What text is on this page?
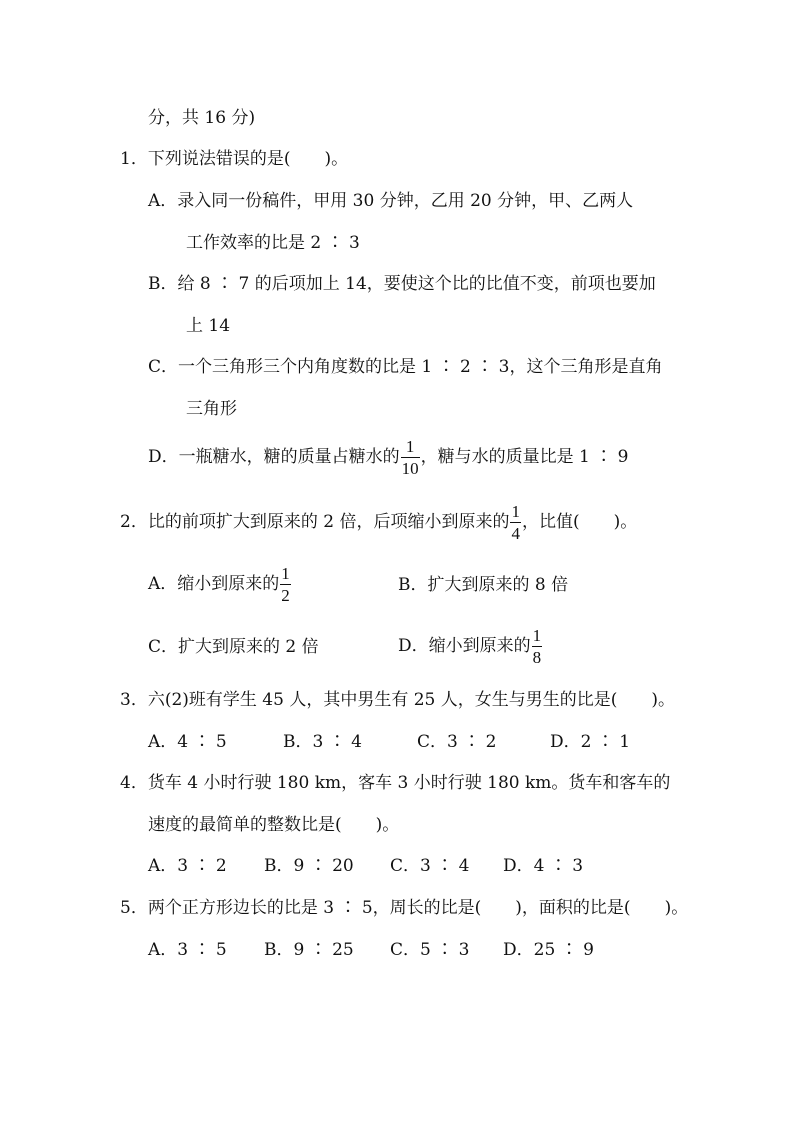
分，共 16 分)
1．下列说法错误的是( )。
A．录入同一份稿件，甲用 30 分钟，乙用 20 分钟，甲、乙两人
工作效率的比是 2 ∶ 3
B．给 8 ∶ 7 的后项加上 14，要使这个比的比值不变，前项也要加
上 14
C．一个三角形三个内角度数的比是 1 ∶ 2 ∶ 3，这个三角形是直角
三角形
D．一瓶糖水，糖的质量占糖水的 $\frac{1}{10}$ ，糖与水的质量比是 1 ∶ 9
2．比的前项扩大到原来的 2 倍，后项缩小到原来的 $\frac{1}{4}$ ，比值( )。
A．缩小到原来的 $\frac{1}{2}$	B．扩大到原来的 8 倍
C．扩大到原来的 2 倍	D．缩小到原来的 $\frac{1}{8}$
3．六(2)班有学生 45 人，其中男生有 25 人，女生与男生的比是( )。
A．4 ∶ 5	B．3 ∶ 4	C．3 ∶ 2	D．2 ∶ 1
4．货车 4 小时行驶 180 km，客车 3 小时行驶 180 km。货车和客车的
速度的最简单的整数比是( )。
A．3 ∶ 2 B．9 ∶ 20 C．3 ∶ 4 D．4 ∶ 3
5．两个正方形边长的比是 3 ∶ 5，周长的比是( )，面积的比是( )。
A．3 ∶ 5 B．9 ∶ 25 C．5 ∶ 3 D．25 ∶ 9
